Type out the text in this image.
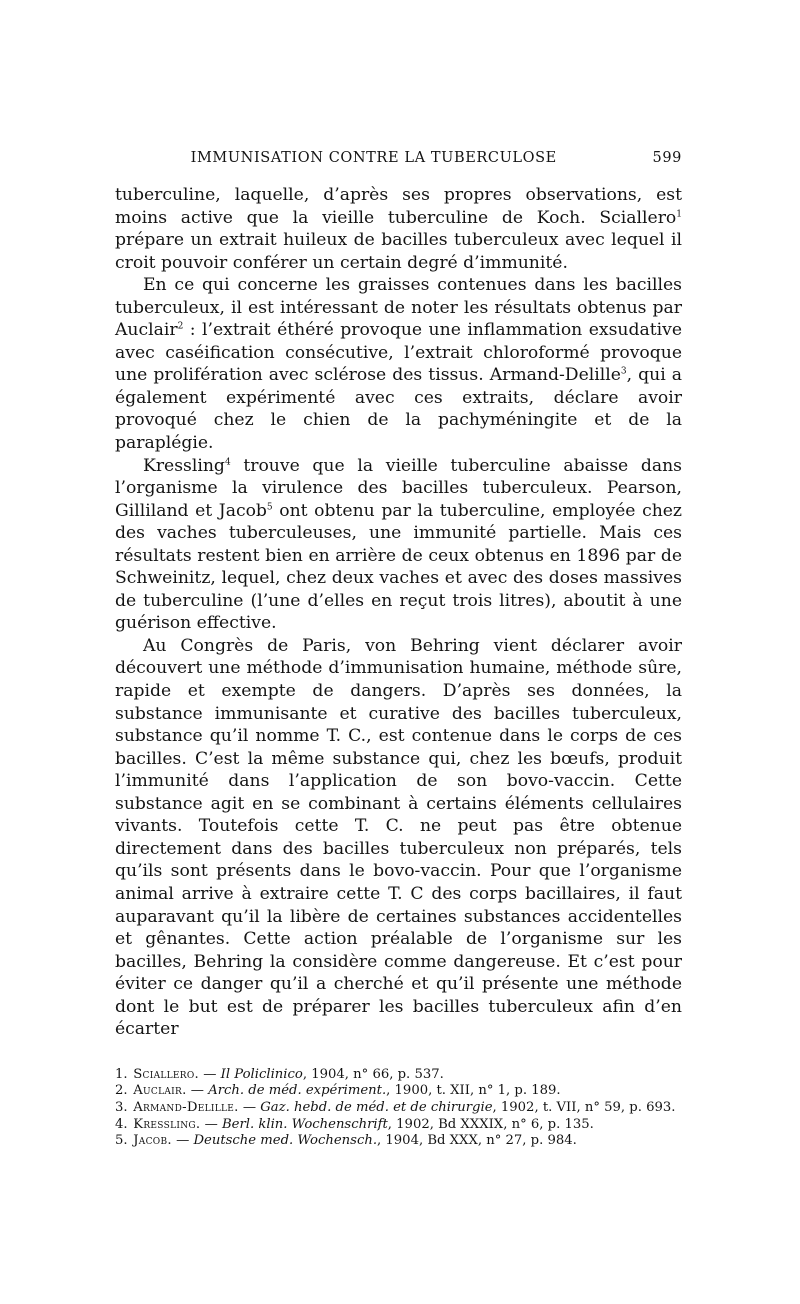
IMMUNISATION CONTRE LA TUBERCULOSE	599

tuberculine, laquelle, d’après ses propres observations, est moins active que la vieille tuberculine de Koch. Sciallero$^1$ prépare un extrait huileux de bacilles tuberculeux avec lequel il croit pouvoir conférer un certain degré d’immunité.

En ce qui concerne les graisses contenues dans les bacilles tuberculeux, il est intéressant de noter les résultats obtenus par Auclair$^2$ : l’extrait éthéré provoque une inflammation exsudative avec caséification consécutive, l’extrait chloroformé provoque une prolifération avec sclérose des tissus. Armand-Delille$^3$, qui a également expérimenté avec ces extraits, déclare avoir provoqué chez le chien de la pachyméningite et de la paraplégie.

Kressling$^4$ trouve que la vieille tuberculine abaisse dans l’organisme la virulence des bacilles tuberculeux. Pearson, Gilliland et Jacob$^5$ ont obtenu par la tuberculine, employée chez des vaches tuberculeuses, une immunité partielle. Mais ces résultats restent bien en arrière de ceux obtenus en 1896 par de Schweinitz, lequel, chez deux vaches et avec des doses massives de tuberculine (l’une d’elles en reçut trois litres), aboutit à une guérison effective.

Au Congrès de Paris, von Behring vient déclarer avoir découvert une méthode d’immunisation humaine, méthode sûre, rapide et exempte de dangers. D’après ses données, la substance immunisante et curative des bacilles tuberculeux, substance qu’il nomme T. C., est contenue dans le corps de ces bacilles. C’est la même substance qui, chez les bœufs, produit l’immunité dans l’application de son bovo-vaccin. Cette substance agit en se combinant à certains éléments cellulaires vivants. Toutefois cette T. C. ne peut pas être obtenue directement dans des bacilles tuberculeux non préparés, tels qu’ils sont présents dans le bovo-vaccin. Pour que l’organisme animal arrive à extraire cette T. C des corps bacillaires, il faut auparavant qu’il la libère de certaines substances accidentelles et gênantes. Cette action préalable de l’organisme sur les bacilles, Behring la considère comme dangereuse. Et c’est pour éviter ce danger qu’il a cherché et qu’il présente une méthode dont le but est de préparer les bacilles tuberculeux afin d’en écarter

1. Sciallero. — Il Policlinico, 1904, n° 66, p. 537.
2. Auclair. — Arch. de méd. expériment., 1900, t. XII, n° 1, p. 189.
3. Armand-Delille. — Gaz. hebd. de méd. et de chirurgie, 1902, t. VII, n° 59, p. 693.
4. Kressling. — Berl. klin. Wochenschrift, 1902, Bd XXXIX, n° 6, p. 135.
5. Jacob. — Deutsche med. Wochensch., 1904, Bd XXX, n° 27, p. 984.
